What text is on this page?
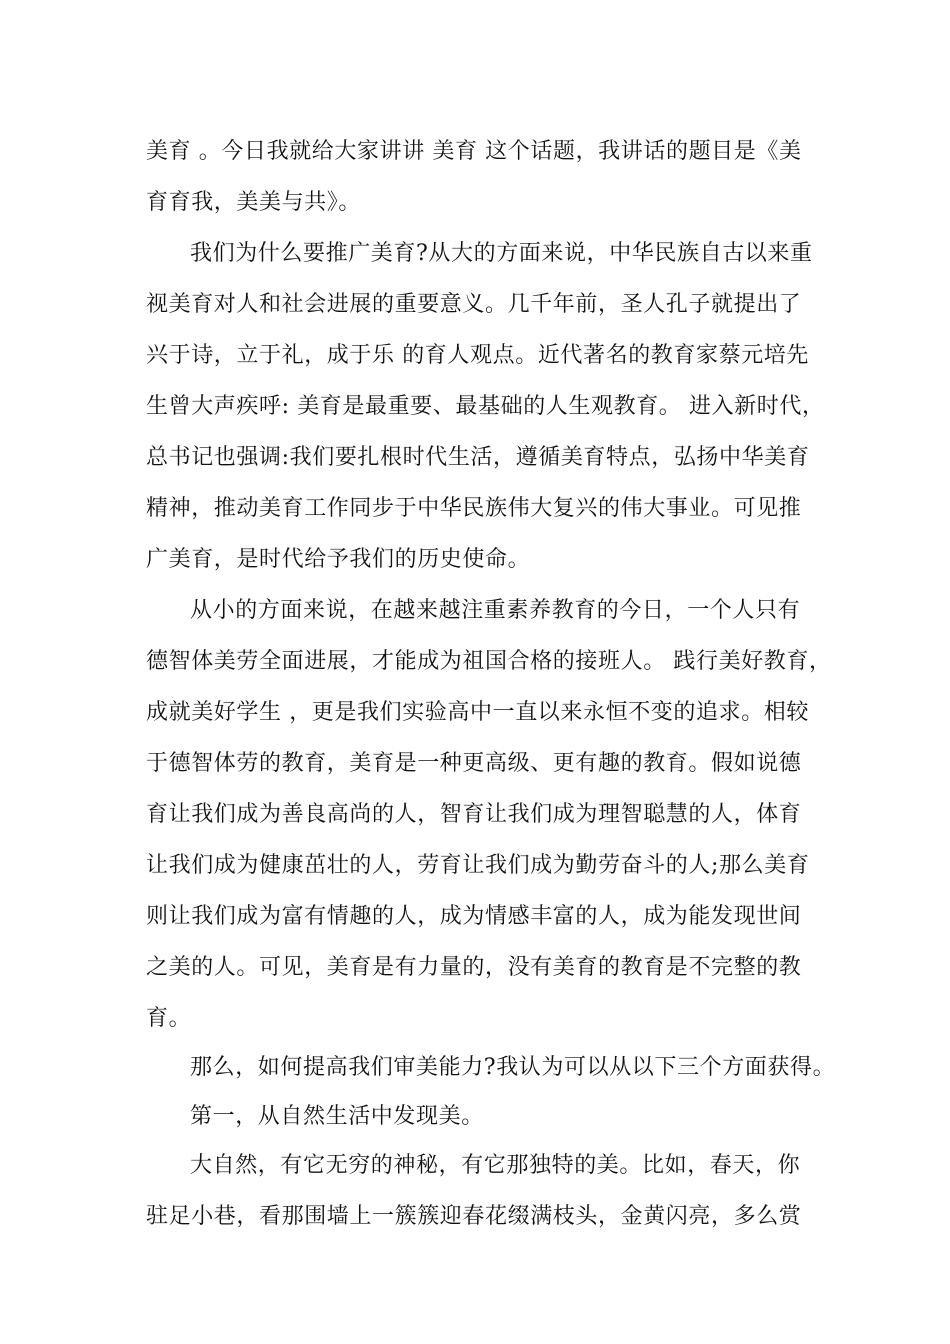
美育 。今日我就给大家讲讲 美育 这个话题，我讲话的题目是《美
育育我，美美与共》。
我们为什么要推广美育?从大的方面来说，中华民族自古以来重
视美育对人和社会进展的重要意义。几千年前，圣人孔子就提出了
兴于诗，立于礼，成于乐 的育人观点。近代著名的教育家蔡元培先
生曾大声疾呼: 美育是最重要、最基础的人生观教育。 进入新时代，
总书记也强调:我们要扎根时代生活，遵循美育特点，弘扬中华美育
精神，推动美育工作同步于中华民族伟大复兴的伟大事业。可见推
广美育，是时代给予我们的历史使命。
从小的方面来说，在越来越注重素养教育的今日，一个人只有
德智体美劳全面进展，才能成为祖国合格的接班人。 践行美好教育，
成就美好学生 ，更是我们实验高中一直以来永恒不变的追求。相较
于德智体劳的教育，美育是一种更高级、更有趣的教育。假如说德
育让我们成为善良高尚的人，智育让我们成为理智聪慧的人，体育
让我们成为健康茁壮的人，劳育让我们成为勤劳奋斗的人;那么美育
则让我们成为富有情趣的人，成为情感丰富的人，成为能发现世间
之美的人。可见，美育是有力量的，没有美育的教育是不完整的教
育。
那么，如何提高我们审美能力?我认为可以从以下三个方面获得。
第一，从自然生活中发现美。
大自然，有它无穷的神秘，有它那独特的美。比如，春天，你
驻足小巷，看那围墙上一簇簇迎春花缀满枝头，金黄闪亮，多么赏
